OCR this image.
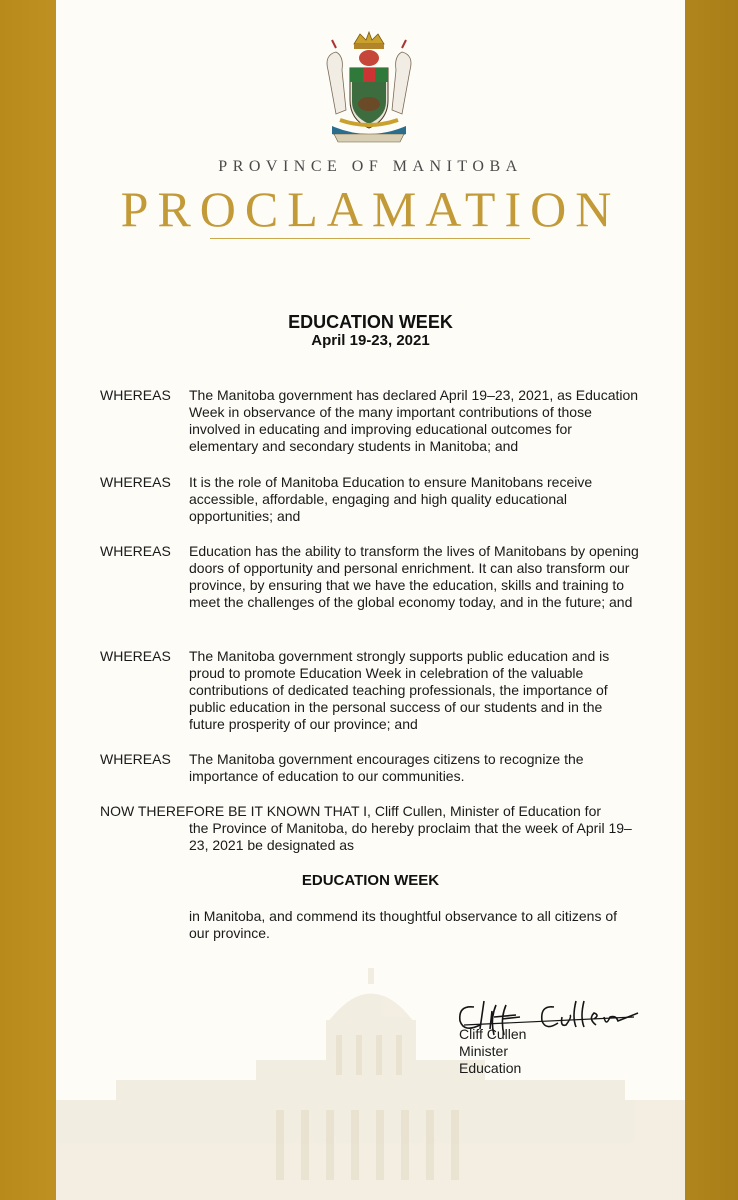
PROVINCE OF MANITOBA
PROCLAMATION
EDUCATION WEEK
April 19-23, 2021
WHEREAS The Manitoba government has declared April 19–23, 2021, as Education Week in observance of the many important contributions of those involved in educating and improving educational outcomes for elementary and secondary students in Manitoba; and
WHEREAS It is the role of Manitoba Education to ensure Manitobans receive accessible, affordable, engaging and high quality educational opportunities; and
WHEREAS Education has the ability to transform the lives of Manitobans by opening doors of opportunity and personal enrichment. It can also transform our province, by ensuring that we have the education, skills and training to meet the challenges of the global economy today, and in the future; and
WHEREAS The Manitoba government strongly supports public education and is proud to promote Education Week in celebration of the valuable contributions of dedicated teaching professionals, the importance of public education in the personal success of our students and in the future prosperity of our province; and
WHEREAS The Manitoba government encourages citizens to recognize the importance of education to our communities.
NOW THEREFORE BE IT KNOWN THAT I, Cliff Cullen, Minister of Education for
the Province of Manitoba, do hereby proclaim that the week of April 19–23, 2021 be designated as
EDUCATION WEEK
in Manitoba, and commend its thoughtful observance to all citizens of our province.
Cliff Cullen
Minister
Education
